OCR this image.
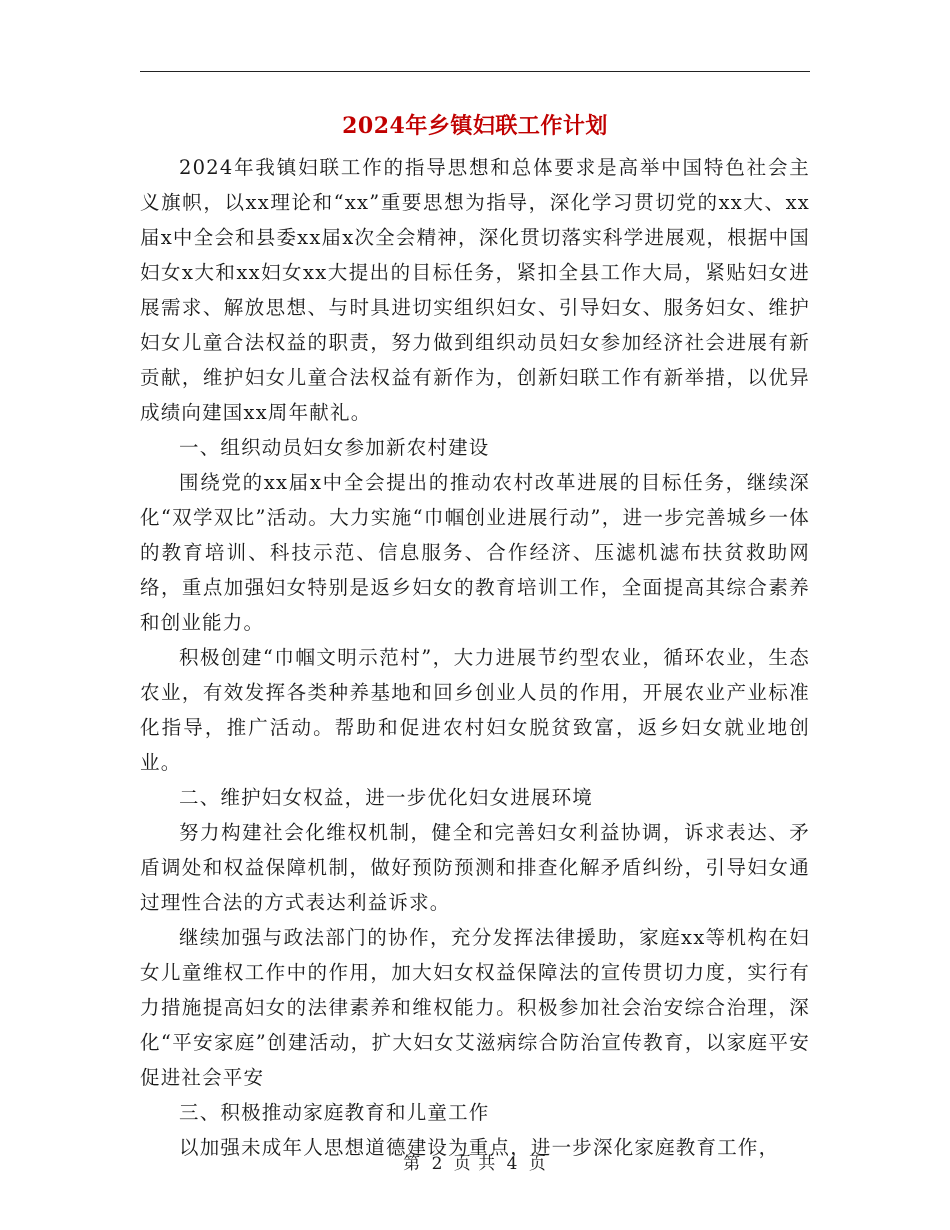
2024年乡镇妇联工作计划

2024年我镇妇联工作的指导思想和总体要求是高举中国特色社会主义旗帜，以xx理论和“xx”重要思想为指导，深化学习贯切党的xx大、xx届x中全会和县委xx届x次全会精神，深化贯切落实科学进展观，根据中国妇女x大和xx妇女xx大提出的目标任务，紧扣全县工作大局，紧贴妇女进展需求、解放思想、与时具进切实组织妇女、引导妇女、服务妇女、维护妇女儿童合法权益的职责，努力做到组织动员妇女参加经济社会进展有新贡献，维护妇女儿童合法权益有新作为，创新妇联工作有新举措，以优异成绩向建国xx周年献礼。

一、组织动员妇女参加新农村建设

围绕党的xx届x中全会提出的推动农村改革进展的目标任务，继续深化“双学双比”活动。大力实施“巾帼创业进展行动”，进一步完善城乡一体的教育培训、科技示范、信息服务、合作经济、压滤机滤布扶贫救助网络，重点加强妇女特别是返乡妇女的教育培训工作，全面提高其综合素养和创业能力。

积极创建“巾帼文明示范村”，大力进展节约型农业，循环农业，生态农业，有效发挥各类种养基地和回乡创业人员的作用，开展农业产业标准化指导，推广活动。帮助和促进农村妇女脱贫致富，返乡妇女就业地创业。

二、维护妇女权益，进一步优化妇女进展环境

努力构建社会化维权机制，健全和完善妇女利益协调，诉求表达、矛盾调处和权益保障机制，做好预防预测和排查化解矛盾纠纷，引导妇女通过理性合法的方式表达利益诉求。

继续加强与政法部门的协作，充分发挥法律援助，家庭xx等机构在妇女儿童维权工作中的作用，加大妇女权益保障法的宣传贯切力度，实行有力措施提高妇女的法律素养和维权能力。积极参加社会治安综合治理，深化“平安家庭”创建活动，扩大妇女艾滋病综合防治宣传教育，以家庭平安促进社会平安

三、积极推动家庭教育和儿童工作

以加强未成年人思想道德建设为重点，进一步深化家庭教育工作，

第 2 页 共 4 页
